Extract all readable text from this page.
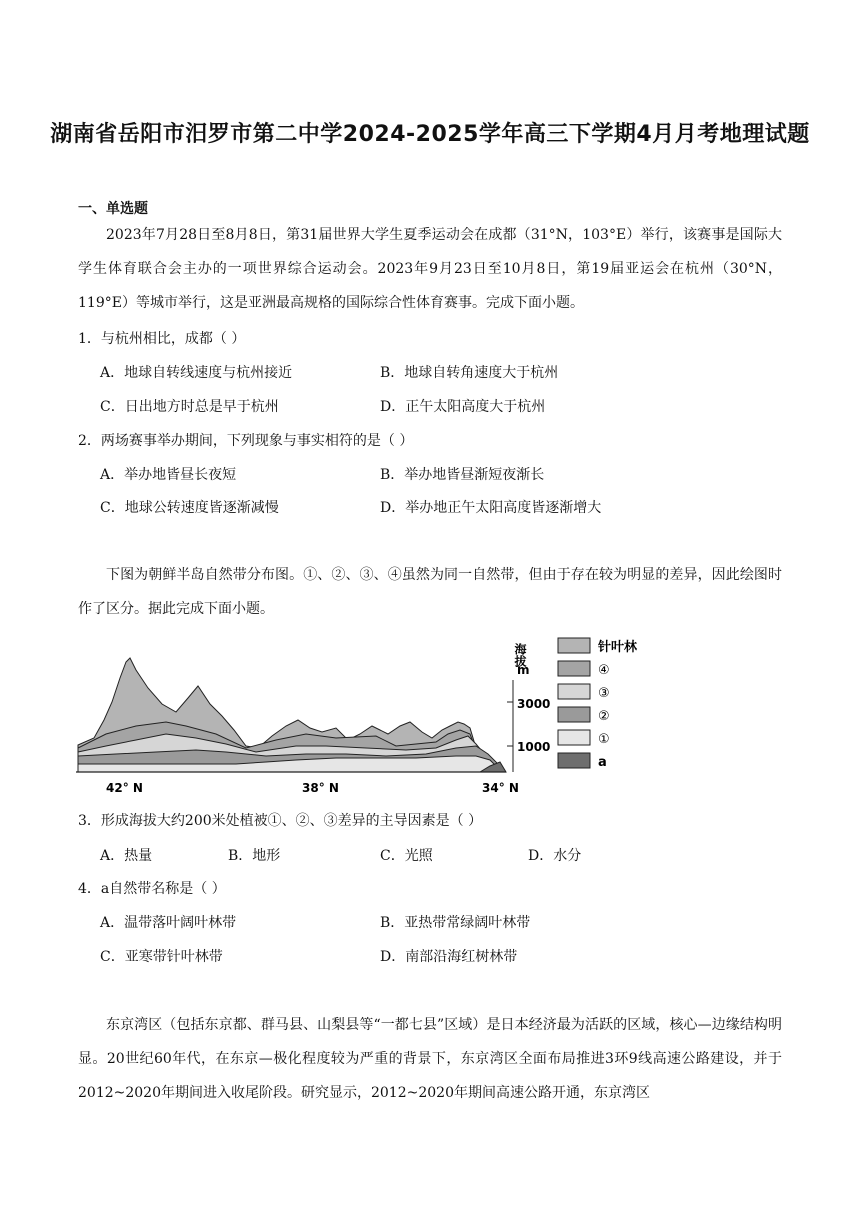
湖南省岳阳市汨罗市第二中学2024-2025学年高三下学期4月月考地理试题
一、单选题
2023年7月28日至8月8日，第31届世界大学生夏季运动会在成都（31°N，103°E）举行，该赛事是国际大学生体育联合会主办的一项世界综合运动会。2023年9月23日至10月8日，第19届亚运会在杭州（30°N，119°E）等城市举行，这是亚洲最高规格的国际综合性体育赛事。完成下面小题。
1．与杭州相比，成都（ ）
A．地球自转线速度与杭州接近	B．地球自转角速度大于杭州
C．日出地方时总是早于杭州	D．正午太阳高度大于杭州
2．两场赛事举办期间，下列现象与事实相符的是（ ）
A．举办地皆昼长夜短	B．举办地皆昼渐短夜渐长
C．地球公转速度皆逐渐减慢	D．举办地正午太阳高度皆逐渐增大
下图为朝鲜半岛自然带分布图。①、②、③、④虽然为同一自然带，但由于存在较为明显的差异，因此绘图时作了区分。据此完成下面小题。
海拔
m
3000
1000
42° N	38° N	34° N
针叶林
④
③
②
①
a
3．形成海拔大约200米处植被①、②、③差异的主导因素是（ ）
A．热量	B．地形	C．光照	D．水分
4．a自然带名称是（ ）
A．温带落叶阔叶林带	B．亚热带常绿阔叶林带
C．亚寒带针叶林带	D．南部沿海红树林带
东京湾区（包括东京都、群马县、山梨县等“一都七县”区域）是日本经济最为活跃的区域，核心—边缘结构明显。20世纪60年代，在东京—极化程度较为严重的背景下，东京湾区全面布局推进3环9线高速公路建设，并于2012~2020年期间进入收尾阶段。研究显示，2012~2020年期间高速公路开通，东京湾区
